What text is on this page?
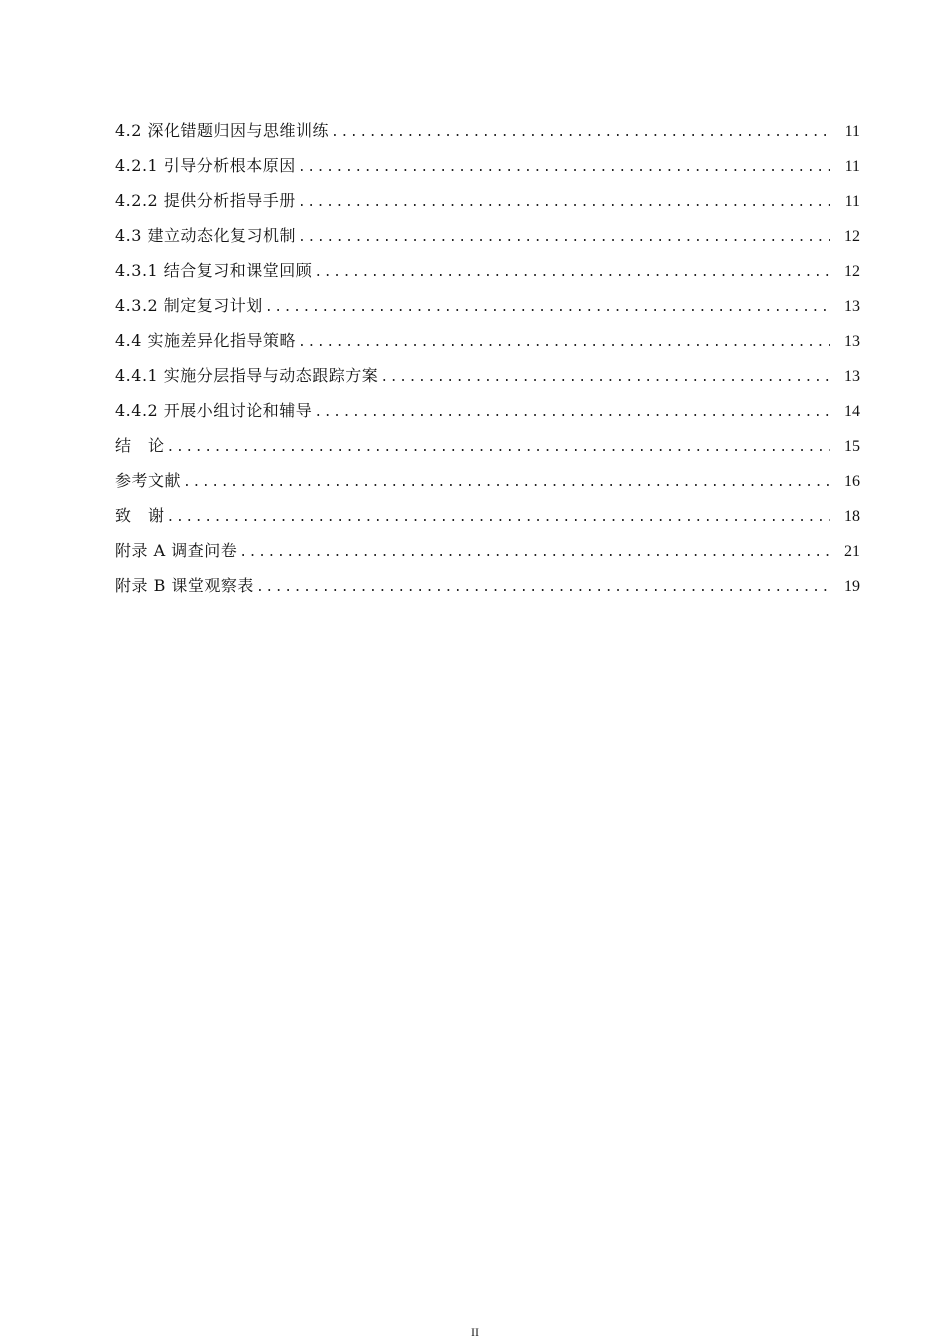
4.2 深化错题归因与思维训练 .....	11
4.2.1 引导分析根本原因 .....	11
4.2.2 提供分析指导手册 .....	11
4.3 建立动态化复习机制 .....	12
4.3.1 结合复习和课堂回顾 .....	12
4.3.2 制定复习计划 .....	13
4.4 实施差异化指导策略 .....	13
4.4.1 实施分层指导与动态跟踪方案 .....	13
4.4.2 开展小组讨论和辅导 .....	14
结　论 .....	15
参考文献 .....	16
致　谢 .....	18
附录 A 调查问卷 .....	21
附录 B 课堂观察表 .....	19
II
